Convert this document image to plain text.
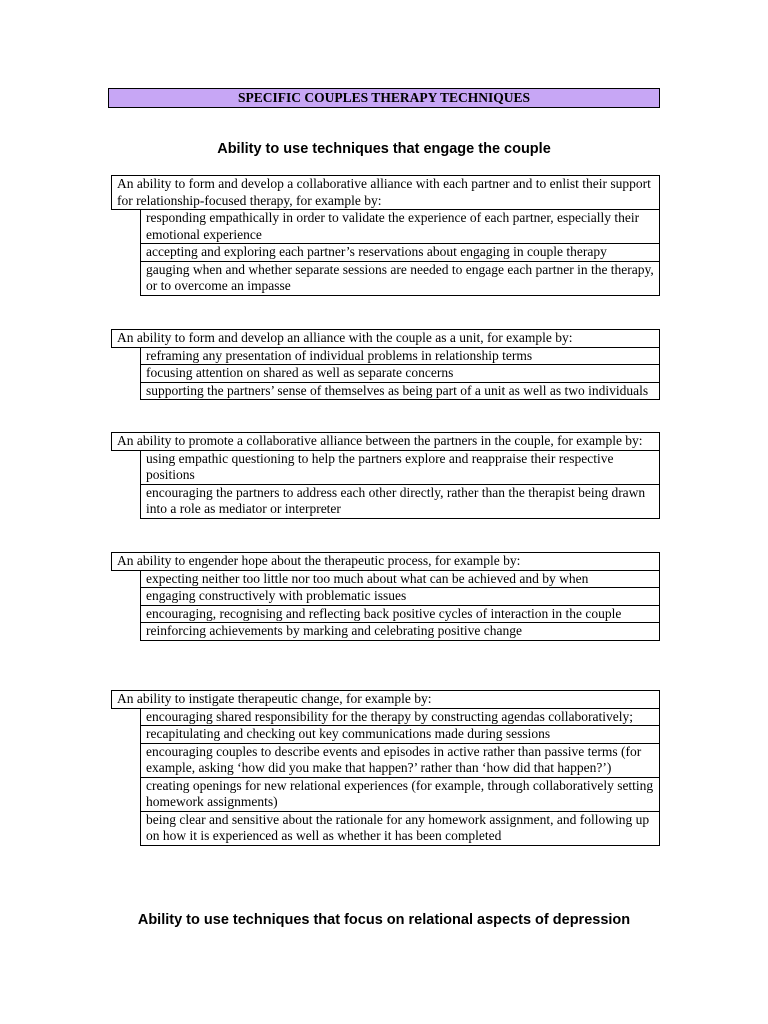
SPECIFIC COUPLES THERAPY TECHNIQUES
Ability to use techniques that engage the couple
An ability to form and develop a collaborative alliance with each partner and to enlist their support for relationship-focused therapy, for example by:
responding empathically in order to validate the experience of each partner, especially their emotional experience
accepting and exploring each partner’s reservations about engaging in couple therapy
gauging when and whether separate sessions are needed to engage each partner in the therapy, or to overcome an impasse
An ability to form and develop an alliance with the couple as a unit, for example by:
reframing any presentation of individual problems in relationship terms
focusing attention on shared as well as separate concerns
supporting the partners’ sense of themselves as being part of a unit as well as two individuals
An ability to promote a collaborative alliance between the partners in the couple, for example by:
using empathic questioning to help the partners explore and reappraise their respective positions
encouraging the partners to address each other directly, rather than the therapist being drawn into a role as mediator or interpreter
An ability to engender hope about the therapeutic process, for example by:
expecting neither too little nor too much about what can be achieved and by when
engaging constructively with problematic issues
encouraging, recognising and reflecting back positive cycles of interaction in the couple
reinforcing achievements by marking and celebrating positive change
An ability to instigate therapeutic change, for example by:
encouraging shared responsibility for the therapy by constructing agendas collaboratively;
recapitulating and checking out key communications made during sessions
encouraging couples to describe events and episodes in active rather than passive terms (for example, asking ‘how did you make that happen?’ rather than ‘how did that happen?’)
creating openings for new relational experiences (for example, through collaboratively setting homework assignments)
being clear and sensitive about the rationale for any homework assignment, and following up on how it is experienced as well as whether it has been completed
Ability to use techniques that focus on relational aspects of depression
